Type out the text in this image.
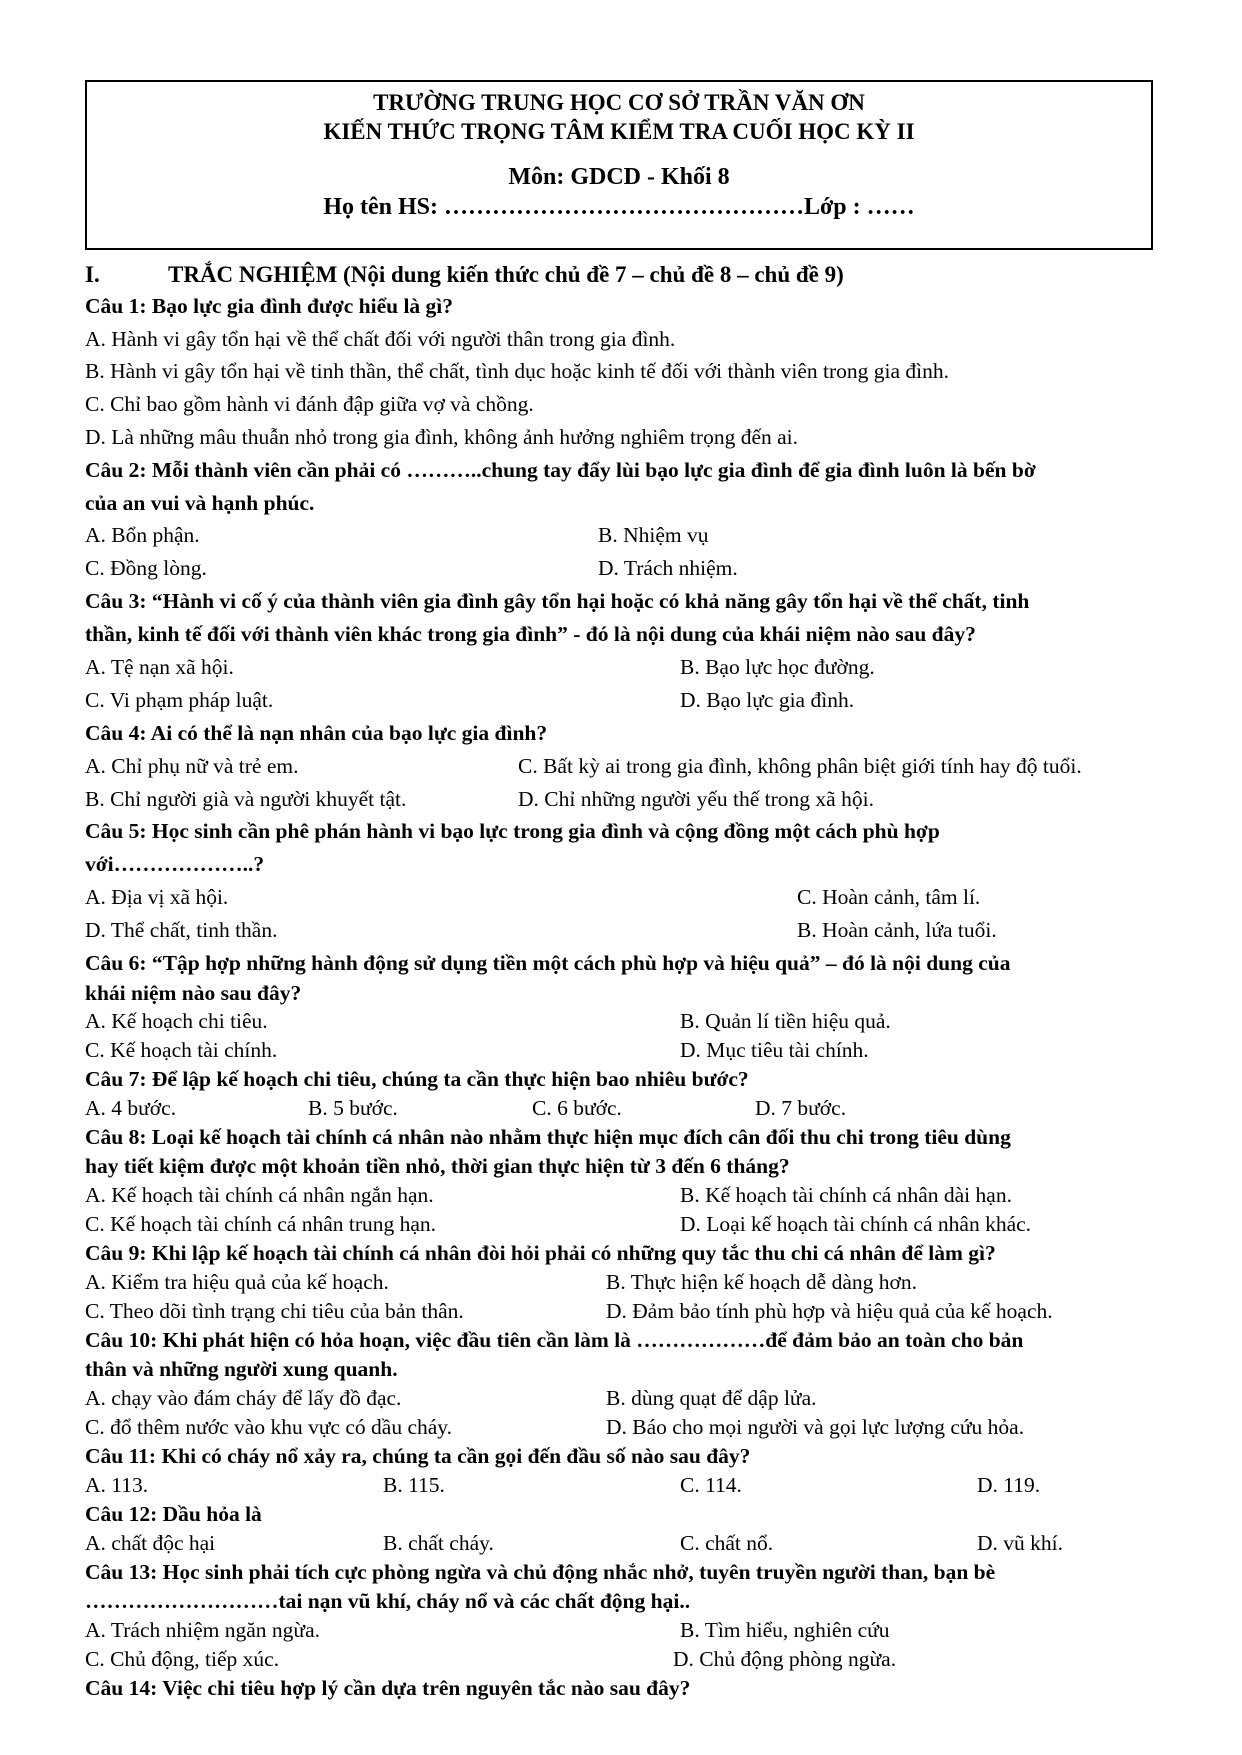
TRƯỜNG TRUNG HỌC CƠ SỞ TRẦN VĂN ƠN
KIẾN THỨC TRỌNG TÂM KIỂM TRA CUỐI HỌC KỲ II
Môn: GDCD - Khối 8
Họ tên HS: ………………………………………Lớp : ……
I.	TRẮC NGHIỆM (Nội dung kiến thức chủ đề 7 – chủ đề 8 – chủ đề 9)
Câu 1: Bạo lực gia đình được hiểu là gì?
A. Hành vi gây tổn hại về thể chất đối với người thân trong gia đình.
B. Hành vi gây tổn hại về tinh thần, thể chất, tình dục hoặc kinh tế đối với thành viên trong gia đình.
C. Chỉ bao gồm hành vi đánh đập giữa vợ và chồng.
D. Là những mâu thuẫn nhỏ trong gia đình, không ảnh hưởng nghiêm trọng đến ai.
Câu 2: Mỗi thành viên cần phải có ………..chung tay đẩy lùi bạo lực gia đình để gia đình luôn là bến bờ
của an vui và hạnh phúc.
A. Bổn phận.	B. Nhiệm vụ
C. Đồng lòng.	D. Trách nhiệm.
Câu 3: “Hành vi cố ý của thành viên gia đình gây tổn hại hoặc có khả năng gây tổn hại về thể chất, tinh
thần, kinh tế đối với thành viên khác trong gia đình” - đó là nội dung của khái niệm nào sau đây?
A. Tệ nạn xã hội.	B. Bạo lực học đường.
C. Vi phạm pháp luật.	D. Bạo lực gia đình.
Câu 4: Ai có thể là nạn nhân của bạo lực gia đình?
A. Chỉ phụ nữ và trẻ em.	C. Bất kỳ ai trong gia đình, không phân biệt giới tính hay độ tuổi.
B. Chỉ người già và người khuyết tật.	D. Chỉ những người yếu thế trong xã hội.
Câu 5: Học sinh cần phê phán hành vi bạo lực trong gia đình và cộng đồng một cách phù hợp
với………………..?
A. Địa vị xã hội.	C. Hoàn cảnh, tâm lí.
D. Thể chất, tinh thần.	B. Hoàn cảnh, lứa tuổi.
Câu 6: “Tập hợp những hành động sử dụng tiền một cách phù hợp và hiệu quả” – đó là nội dung của
khái niệm nào sau đây?
A. Kế hoạch chi tiêu.	B. Quản lí tiền hiệu quả.
C. Kế hoạch tài chính.	D. Mục tiêu tài chính.
Câu 7: Để lập kế hoạch chi tiêu, chúng ta cần thực hiện bao nhiêu bước?
A. 4 bước.	B. 5 bước.	C. 6 bước.	D. 7 bước.
Câu 8: Loại kế hoạch tài chính cá nhân nào nhằm thực hiện mục đích cân đối thu chi trong tiêu dùng
hay tiết kiệm được một khoản tiền nhỏ, thời gian thực hiện từ 3 đến 6 tháng?
A. Kế hoạch tài chính cá nhân ngắn hạn.	B. Kế hoạch tài chính cá nhân dài hạn.
C. Kế hoạch tài chính cá nhân trung hạn.	D. Loại kế hoạch tài chính cá nhân khác.
Câu 9: Khi lập kế hoạch tài chính cá nhân đòi hỏi phải có những quy tắc thu chi cá nhân để làm gì?
A. Kiểm tra hiệu quả của kế hoạch.	B. Thực hiện kế hoạch dễ dàng hơn.
C. Theo dõi tình trạng chi tiêu của bản thân.	D. Đảm bảo tính phù hợp và hiệu quả của kế hoạch.
Câu 10: Khi phát hiện có hỏa hoạn, việc đầu tiên cần làm là ………………để đảm bảo an toàn cho bản
thân và những người xung quanh.
A. chạy vào đám cháy để lấy đồ đạc.	B. dùng quạt để dập lửa.
C. đổ thêm nước vào khu vực có dầu cháy.	D. Báo cho mọi người và gọi lực lượng cứu hỏa.
Câu 11: Khi có cháy nổ xảy ra, chúng ta cần gọi đến đầu số nào sau đây?
A. 113.	B. 115.	C. 114.	D. 119.
Câu 12: Dầu hỏa là
A. chất độc hại	B. chất cháy.	C. chất nổ.	D. vũ khí.
Câu 13: Học sinh phải tích cực phòng ngừa và chủ động nhắc nhở, tuyên truyền người than, bạn bè
………………………tai nạn vũ khí, cháy nổ và các chất động hại..
A. Trách nhiệm ngăn ngừa.	B. Tìm hiểu, nghiên cứu
C. Chủ động, tiếp xúc.	D. Chủ động phòng ngừa.
Câu 14: Việc chi tiêu hợp lý cần dựa trên nguyên tắc nào sau đây?
